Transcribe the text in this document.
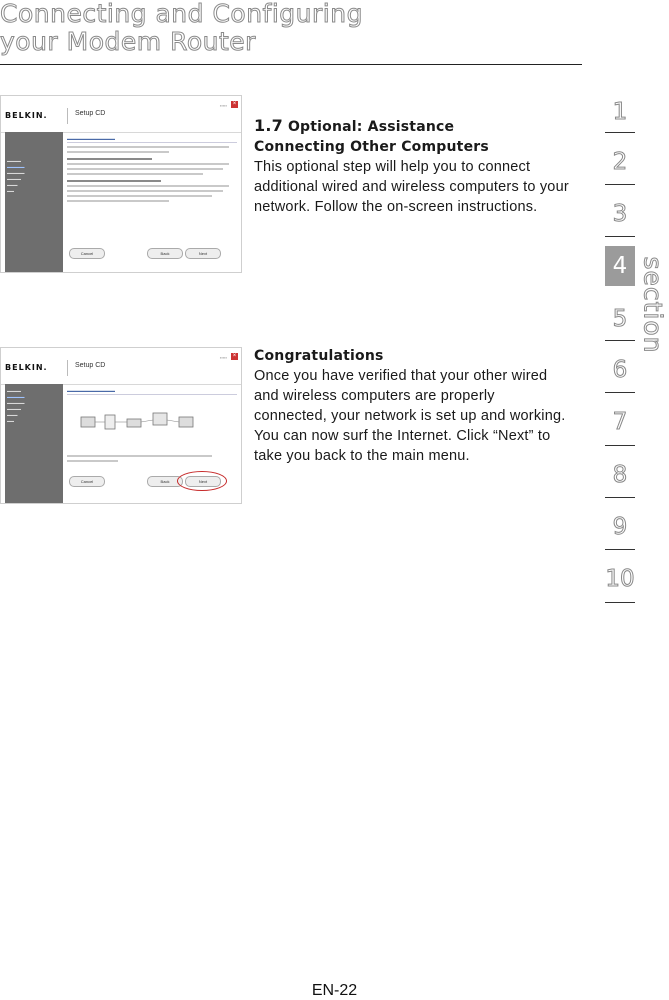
Connecting and Configuring
your Modem Router
BELKIN.	Setup CD
▪▪▪▪▪ ×
▬▬▬▬
▬▬▬▬▬
▬▬▬▬▬
▬▬▬▬
▬▬▬
▬▬
▬▬▬▬▬▬▬▬▬▬▬▬
Cancel	Back	Next
1.7 Optional: Assistance
Connecting Other Computers
This optional step will help you to connect additional wired and wireless computers to your network. Follow the on-screen instructions.
BELKIN.	Setup CD
▪▪▪▪▪ ×
▬▬▬▬
▬▬▬▬▬
▬▬▬▬▬
▬▬▬▬
▬▬▬
▬▬
▬▬▬▬▬▬▬▬▬▬▬▬
Cancel	Back	Next
Congratulations
Once you have verified that your other wired and wireless computers are properly connected, your network is set up and working. You can now surf the Internet. Click “Next” to take you back to the main menu.
1
2
3
4
5
6
7
8
9
10
section
EN-22
